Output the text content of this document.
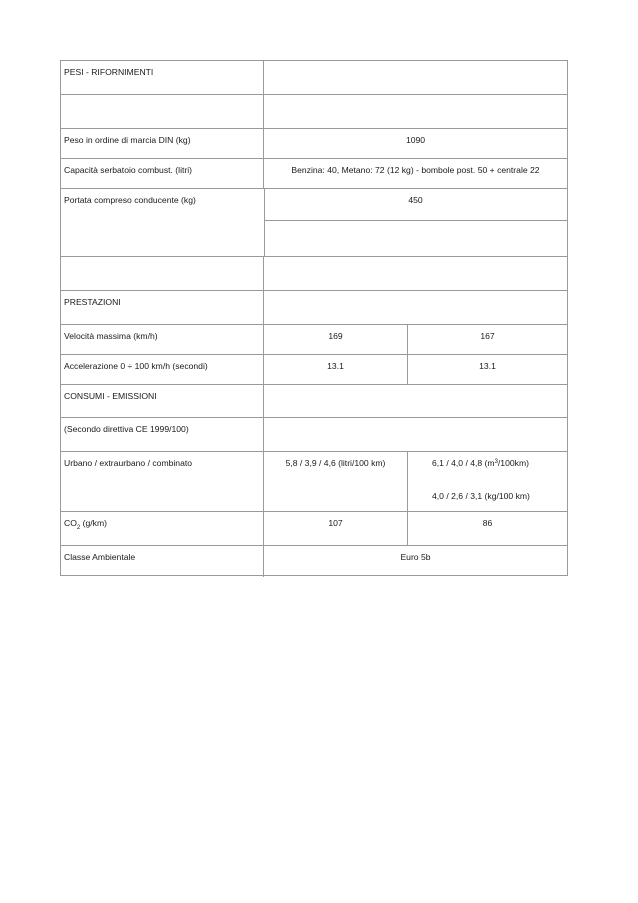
PESI - RIFORNIMENTI
Peso in ordine di marcia DIN (kg)	1090
Capacità serbatoio combust. (litri)	Benzina: 40, Metano: 72 (12 kg) - bombole post. 50 + centrale 22
Portata compreso conducente (kg)	450
PRESTAZIONI
Velocità massima (km/h)	169	167
Accelerazione 0 ÷ 100 km/h (secondi)	13.1	13.1
CONSUMI - EMISSIONI
(Secondo direttiva CE 1999/100)
Urbano / extraurbano / combinato	5,8 / 3,9 / 4,6 (litri/100 km)	6,1 / 4,0 / 4,8 $(m^3/100km)$
4,0 / 2,6 / 3,1 (kg/100 km)
$CO_2$ (g/km)	107	86
Classe Ambientale	Euro 5b
